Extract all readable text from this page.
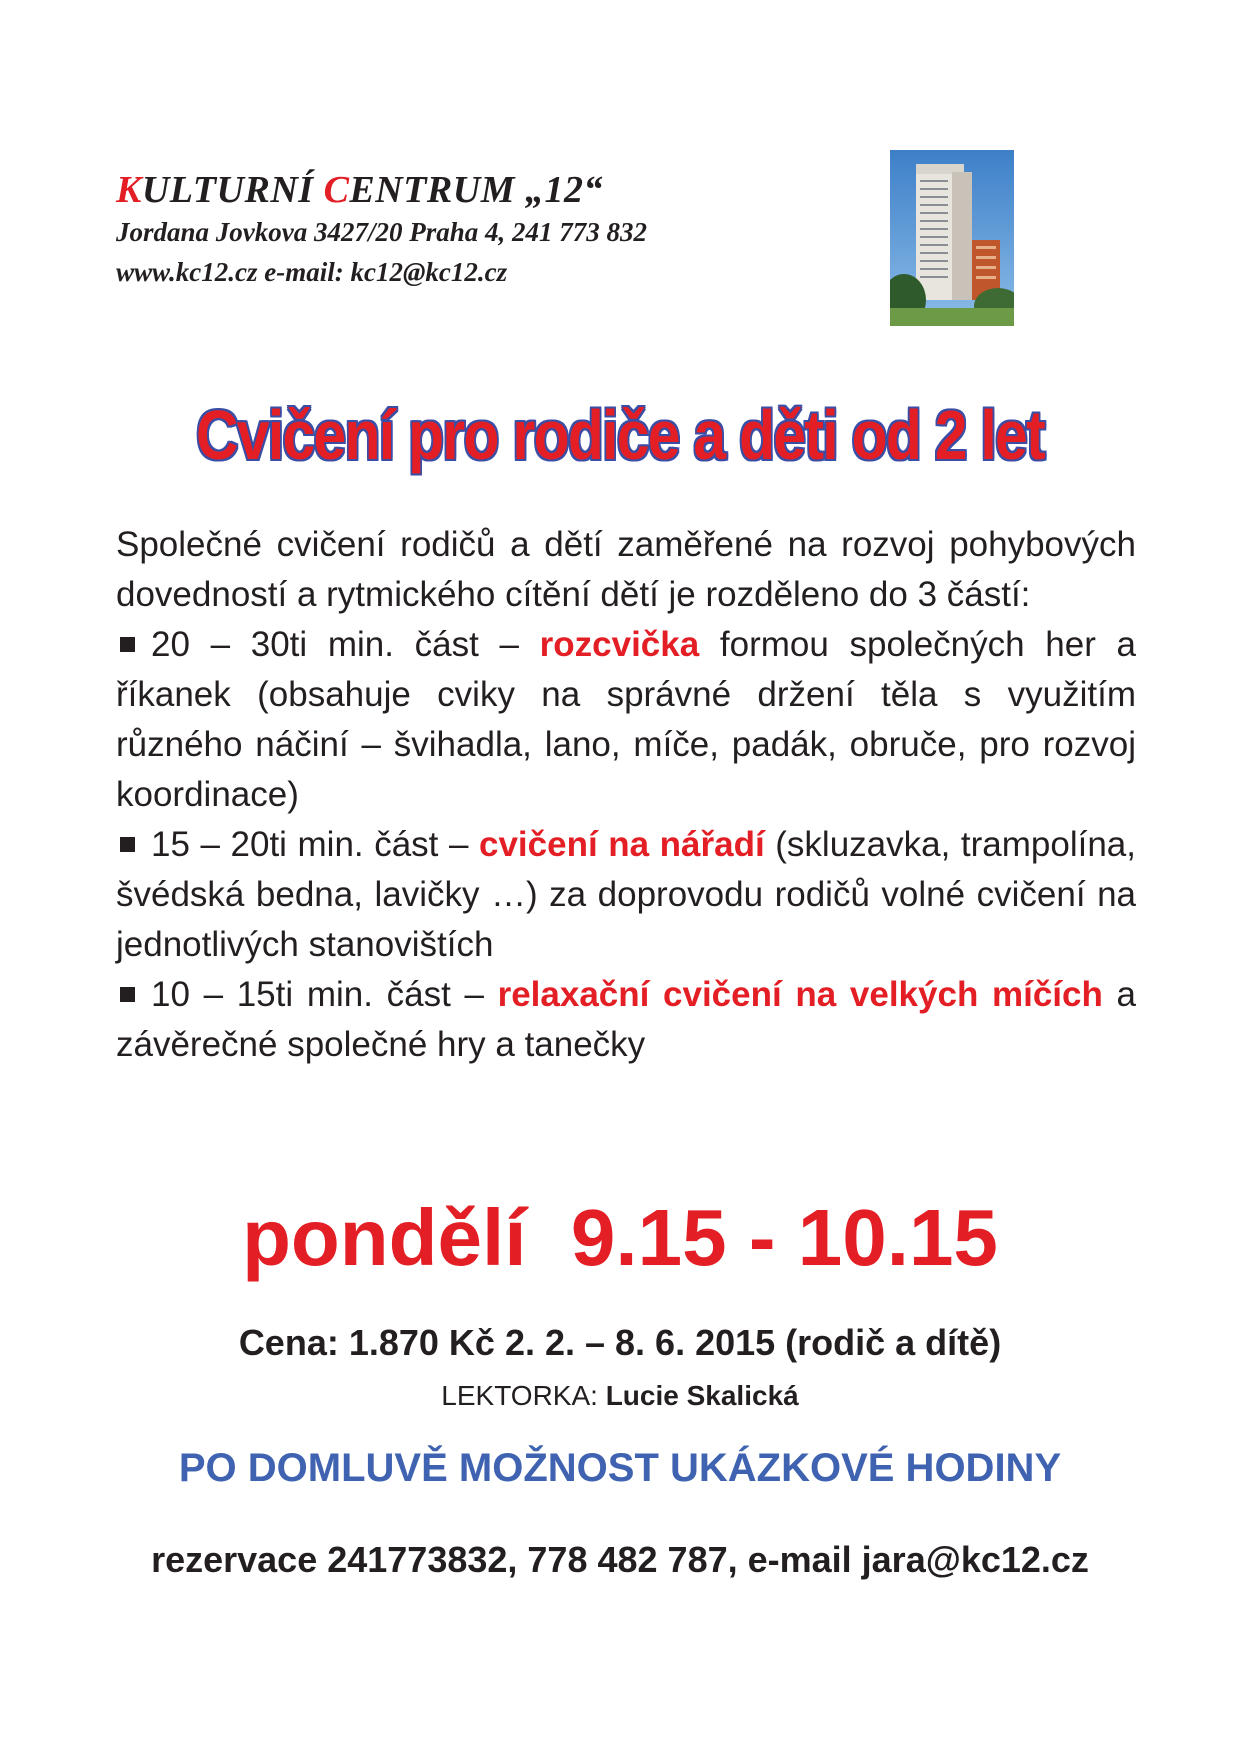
KULTURNÍ CENTRUM „12“
Jordana Jovkova 3427/20 Praha 4, 241 773 832
www.kc12.cz e-mail: kc12@kc12.cz
Cvičení pro rodiče a děti od 2 let

Společné cvičení rodičů a dětí zaměřené na rozvoj pohybových dovedností a rytmického cítění dětí je rozděleno do 3 částí:

20 – 30ti min. část – rozcvička formou společných her a říkanek (obsahuje cviky na správné držení těla s využitím různého náčiní – švihadla, lano, míče, padák, obruče, pro rozvoj koordinace)

15 – 20ti min. část – cvičení na nářadí (skluzavka, trampolína, švédská bedna, lavičky …) za doprovodu rodičů volné cvičení na jednotlivých stanovištích

10 – 15ti min. část – relaxační cvičení na velkých míčích a závěrečné společné hry a tanečky

pondělí  9.15 - 10.15
Cena: 1.870 Kč 2. 2. – 8. 6. 2015 (rodič a dítě)
LEKTORKA: Lucie Skalická
PO DOMLUVĚ MOŽNOST UKÁZKOVÉ HODINY
rezervace 241773832, 778 482 787, e-mail jara@kc12.cz
